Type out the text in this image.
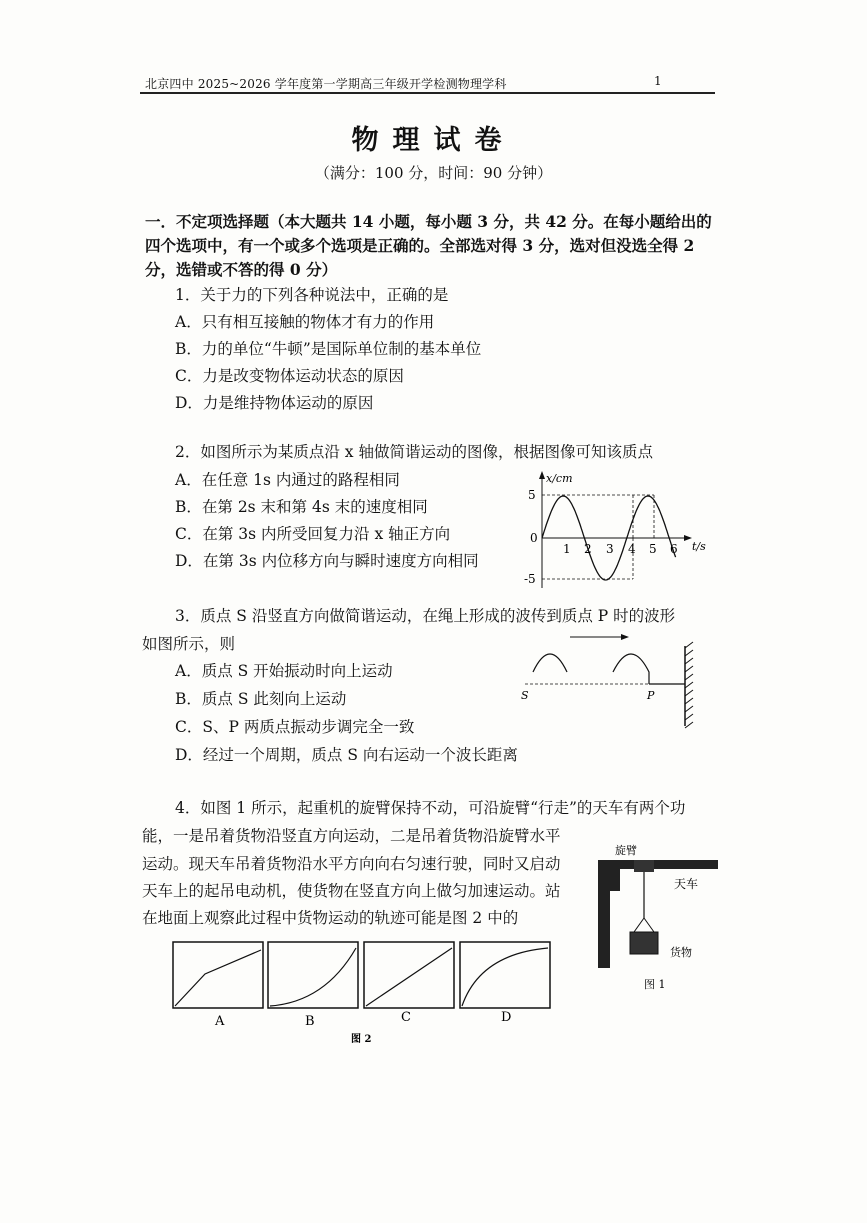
北京四中 2025~2026 学年度第一学期高三年级开学检测物理学科	1
物理试卷
（满分：100 分，时间：90 分钟）
一．不定项选择题（本大题共 14 小题，每小题 3 分，共 42 分。在每小题给出的
四个选项中，有一个或多个选项是正确的。全部选对得 3 分，选对但没选全得 2
分，选错或不答的得 0 分）
1．关于力的下列各种说法中，正确的是
A．只有相互接触的物体才有力的作用
B．力的单位“牛顿”是国际单位制的基本单位
C．力是改变物体运动状态的原因
D．力是维持物体运动的原因
2．如图所示为某质点沿 x 轴做简谐运动的图像，根据图像可知该质点
A．在任意 1s 内通过的路程相同
B．在第 2s 末和第 4s 末的速度相同
C．在第 3s 内所受回复力沿 x 轴正方向
D．在第 3s 内位移方向与瞬时速度方向相同
x/cm
5
-5
0
1 2 3 4 5 6 t/s
3．质点 S 沿竖直方向做简谐运动，在绳上形成的波传到质点 P 时的波形
如图所示，则
A．质点 S 开始振动时向上运动
B．质点 S 此刻向上运动
C．S、P 两质点振动步调完全一致
D．经过一个周期，质点 S 向右运动一个波长距离
S	P
4．如图 1 所示，起重机的旋臂保持不动，可沿旋臂“行走”的天车有两个功
能，一是吊着货物沿竖直方向运动，二是吊着货物沿旋臂水平
运动。现天车吊着货物沿水平方向向右匀速行驶，同时又启动
天车上的起吊电动机，使货物在竖直方向上做匀加速运动。站
在地面上观察此过程中货物运动的轨迹可能是图 2 中的
旋臂
天车
货物
图 1
A	B	C	D
图 2
